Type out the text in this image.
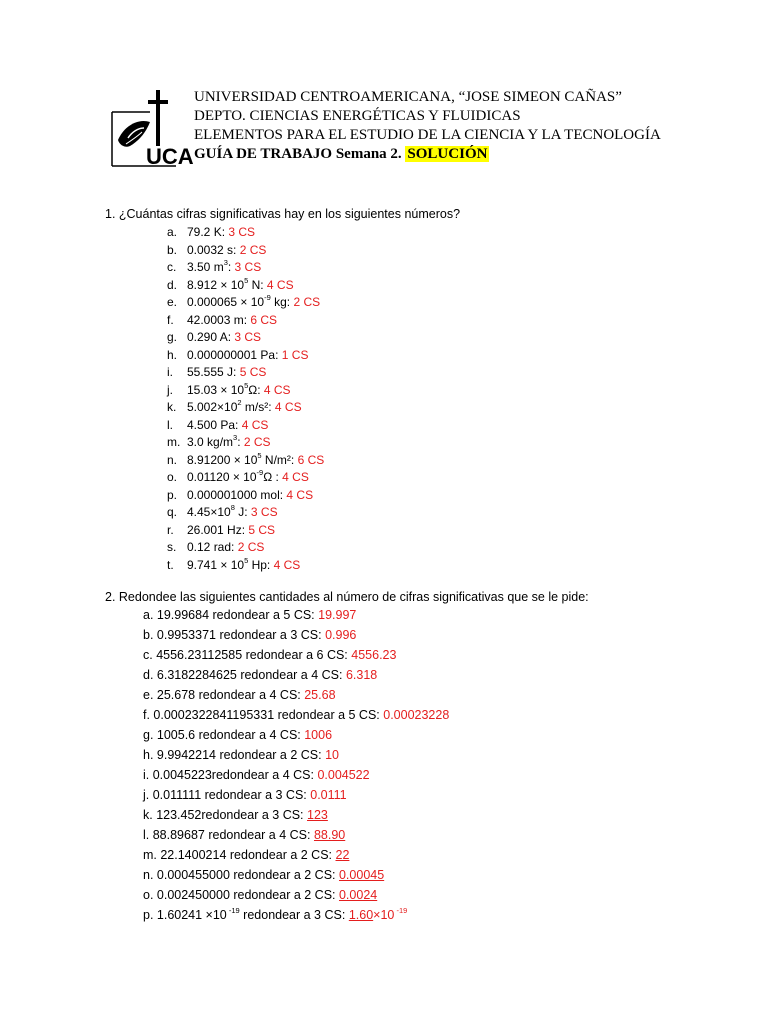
UCA
UNIVERSIDAD CENTROAMERICANA, “JOSE SIMEON CAÑAS”
DEPTO. CIENCIAS ENERGÉTICAS Y FLUIDICAS
ELEMENTOS PARA EL ESTUDIO DE LA CIENCIA Y LA TECNOLOGÍA
GUÍA DE TRABAJO Semana 2. SOLUCIÓN
1. ¿Cuántas cifras significativas hay en los siguientes números?
a. 79.2 K: 3 CS
b. 0.0032 s: 2 CS
c. 3.50 $m^3$: 3 CS
d. $8.912 \times 10^5$ N: 4 CS
e. $0.000065 \times 10^{-9}$ kg: 2 CS
f.	42.0003 m: 6 CS
g. 0.290 A: 3 CS
h. 0.000000001 Pa: 1 CS
i.	55.555 J: 5 CS
j.	$15.03 \times 10^5\Omega$: 4 CS
k. $5.002\times 10^2$ m/s²: 4 CS
l.	4.500 Pa: 4 CS
m. 3.0 $kg/m^3$: 2 CS
n. $8.91200 \times 10^5$ N/m²: 6 CS
o. $0.01120 \times 10^{-9}\Omega$ : 4 CS
p. 0.000001000 mol: 4 CS
q. $4.45\times 10^8$ J: 3 CS
r.	26.001 Hz: 5 CS
s. 0.12 rad: 2 CS
t.	$9.741 \times 10^5$ Hp: 4 CS
2. Redondee las siguientes cantidades al número de cifras significativas que se le pide:
a. 19.99684 redondear a 5 CS: 19.997
b. 0.9953371 redondear a 3 CS: 0.996
c. 4556.23112585 redondear a 6 CS: 4556.23
d. 6.3182284625 redondear a 4 CS: 6.318
e. 25.678 redondear a 4 CS: 25.68
f. 0.0002322841195331 redondear a 5 CS: 0.00023228
g. 1005.6 redondear a 4 CS: 1006
h. 9.9942214 redondear a 2 CS: 10
i. 0.0045223redondear a 4 CS: 0.004522
j. 0.011111 redondear a 3 CS: 0.0111
k. 123.452redondear a 3 CS: 123
l. 88.89687 redondear a 4 CS: 88.90
m. 22.1400214 redondear a 2 CS: 22
n. 0.000455000 redondear a 2 CS: 0.00045
o. 0.002450000 redondear a 2 CS: 0.0024
p. 1.60241 ×10 $^{-19}$ redondear a 3 CS: 1.60×10 $^{-19}$
